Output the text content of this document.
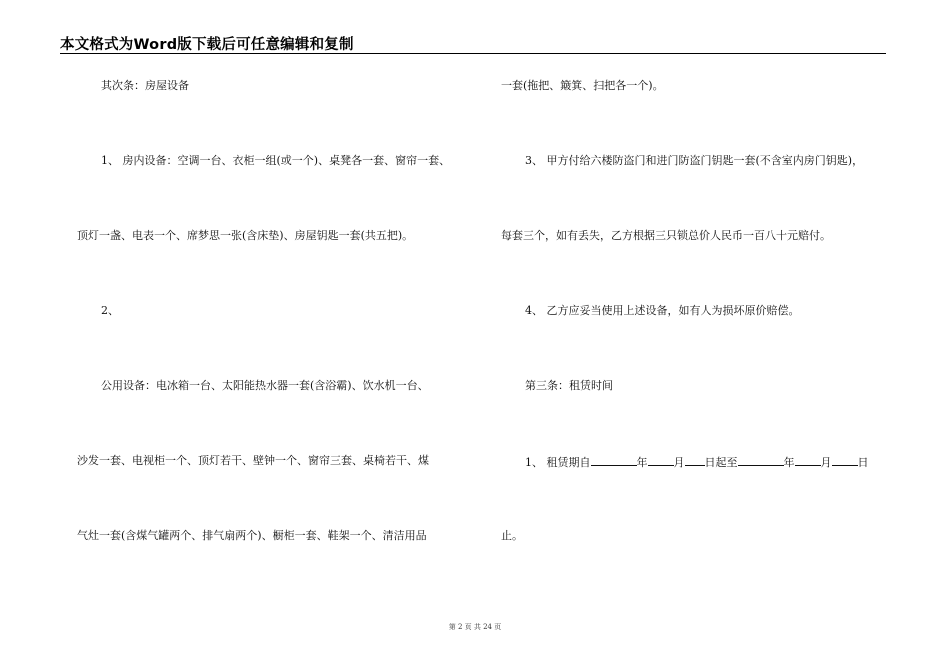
本文格式为Word版下载后可任意编辑和复制
其次条：房屋设备
1、 房内设备：空调一台、衣柜一组(或一个)、桌凳各一套、窗帘一套、
顶灯一盏、电表一个、席梦思一张(含床垫)、房屋钥匙一套(共五把)。
2、
公用设备：电冰箱一台、太阳能热水器一套(含浴霸)、饮水机一台、
沙发一套、电视柜一个、顶灯若干、壁钟一个、窗帘三套、桌椅若干、煤
气灶一套(含煤气罐两个、排气扇两个)、橱柜一套、鞋架一个、清洁用品
一套(拖把、簸箕、扫把各一个)。
3、 甲方付给六楼防盗门和进门防盗门钥匙一套(不含室内房门钥匙)，
每套三个，如有丢失，乙方根据三只锁总价人民币一百八十元赔付。
4、 乙方应妥当使用上述设备，如有人为损坏原价赔偿。
第三条：租赁时间
1、 租赁期自	年 月 日起至	年 月 日
止。
第 2 页 共 24 页
